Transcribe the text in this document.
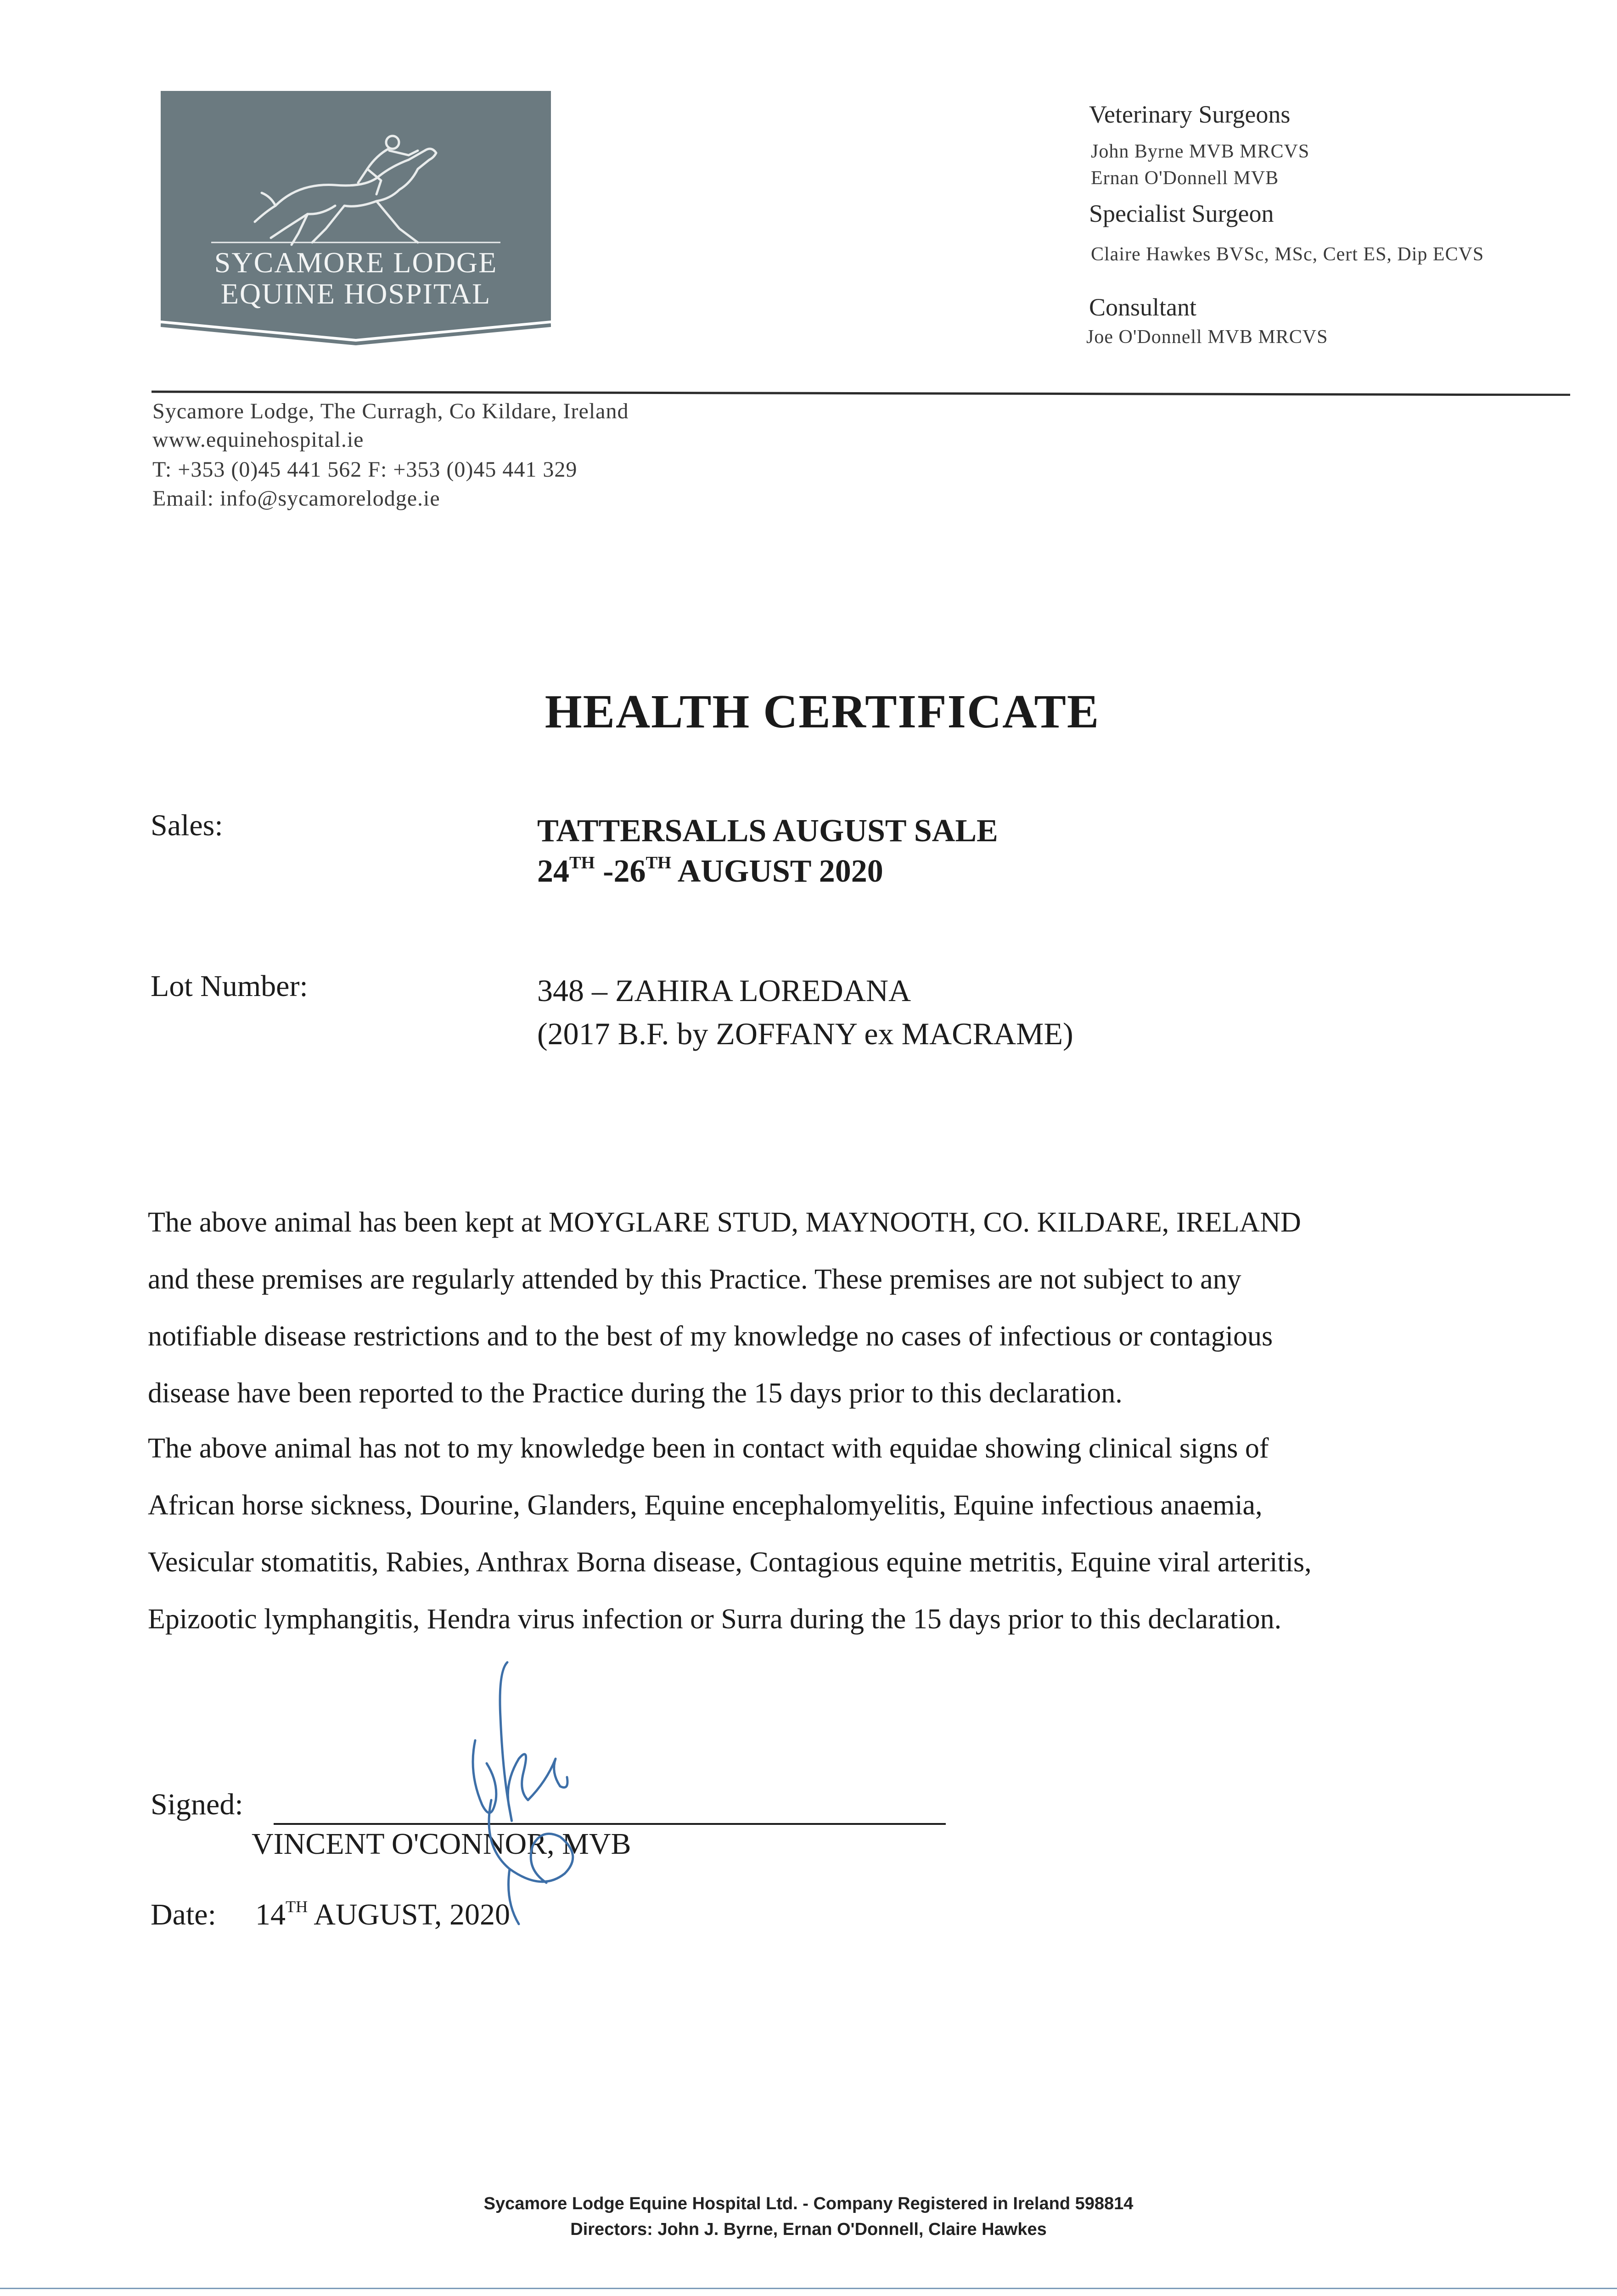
SYCAMORE LODGE
EQUINE HOSPITAL
Veterinary Surgeons
John Byrne MVB MRCVS
Ernan O'Donnell MVB
Specialist Surgeon
Claire Hawkes BVSc, MSc, Cert ES, Dip ECVS
Consultant
Joe O'Donnell MVB MRCVS
Sycamore Lodge, The Curragh, Co Kildare, Ireland
www.equinehospital.ie
T: +353 (0)45 441 562 F: +353 (0)45 441 329
Email: info@sycamorelodge.ie
HEALTH CERTIFICATE
Sales:	TATTERSALLS AUGUST SALE
24TH -26TH AUGUST 2020
Lot Number:	348 – ZAHIRA LOREDANA
(2017 B.F. by ZOFFANY ex MACRAME)
The above animal has been kept at MOYGLARE STUD, MAYNOOTH, CO. KILDARE, IRELAND
and these premises are regularly attended by this Practice. These premises are not subject to any
notifiable disease restrictions and to the best of my knowledge no cases of infectious or contagious
disease have been reported to the Practice during the 15 days prior to this declaration.
The above animal has not to my knowledge been in contact with equidae showing clinical signs of
African horse sickness, Dourine, Glanders, Equine encephalomyelitis, Equine infectious anaemia,
Vesicular stomatitis, Rabies, Anthrax Borna disease, Contagious equine metritis, Equine viral arteritis,
Epizootic lymphangitis, Hendra virus infection or Surra during the 15 days prior to this declaration.
Signed:
VINCENT O'CONNOR, MVB
Date: 14TH AUGUST, 2020
Sycamore Lodge Equine Hospital Ltd. - Company Registered in Ireland 598814
Directors: John J. Byrne, Ernan O'Donnell, Claire Hawkes
